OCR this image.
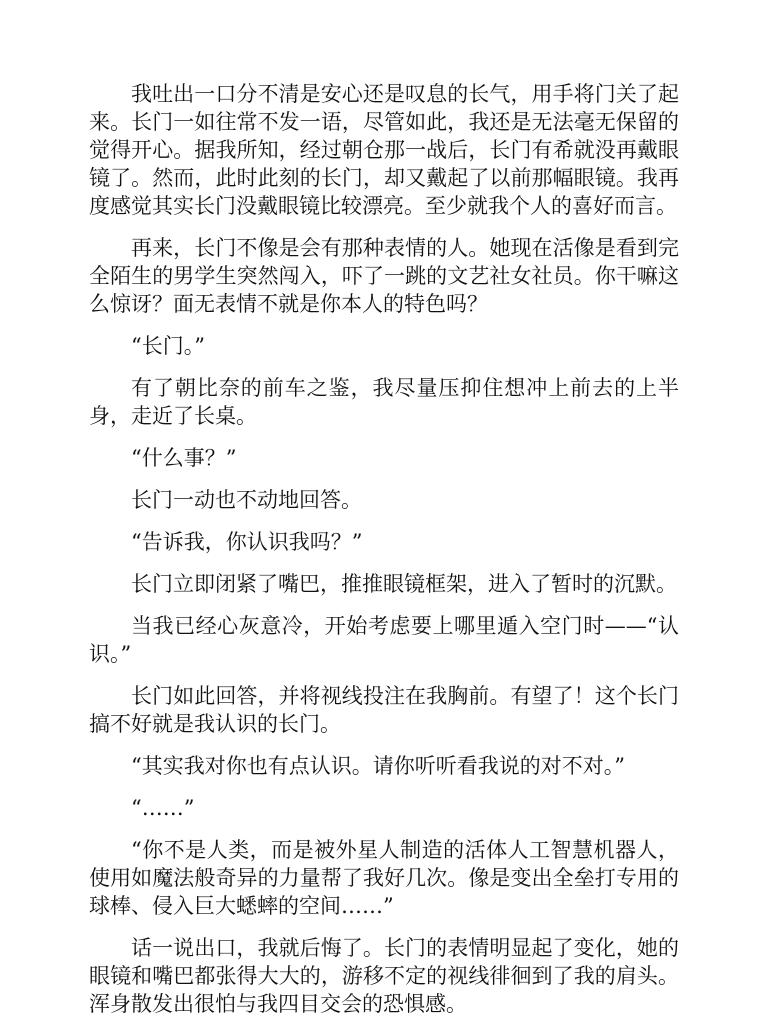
我吐出一口分不清是安心还是叹息的长气，用手将门关了起来。长门一如往常不发一语，尽管如此，我还是无法毫无保留的觉得开心。据我所知，经过朝仓那一战后，长门有希就没再戴眼镜了。然而，此时此刻的长门，却又戴起了以前那幅眼镜。我再度感觉其实长门没戴眼镜比较漂亮。至少就我个人的喜好而言。

再来，长门不像是会有那种表情的人。她现在活像是看到完全陌生的男学生突然闯入，吓了一跳的文艺社女社员。你干嘛这么惊讶？面无表情不就是你本人的特色吗？

“长门。”

有了朝比奈的前车之鉴，我尽量压抑住想冲上前去的上半身，走近了长桌。

“什么事？”

长门一动也不动地回答。

“告诉我，你认识我吗？”

长门立即闭紧了嘴巴，推推眼镜框架，进入了暂时的沉默。

当我已经心灰意冷，开始考虑要上哪里遁入空门时——“认识。”

长门如此回答，并将视线投注在我胸前。有望了！这个长门搞不好就是我认识的长门。

“其实我对你也有点认识。请你听听看我说的对不对。”

“……”

“你不是人类，而是被外星人制造的活体人工智慧机器人，使用如魔法般奇异的力量帮了我好几次。像是变出全垒打专用的球棒、侵入巨大蟋蟀的空间……”

话一说出口，我就后悔了。长门的表情明显起了变化，她的眼镜和嘴巴都张得大大的，游移不定的视线徘徊到了我的肩头。浑身散发出很怕与我四目交会的恐惧感。
